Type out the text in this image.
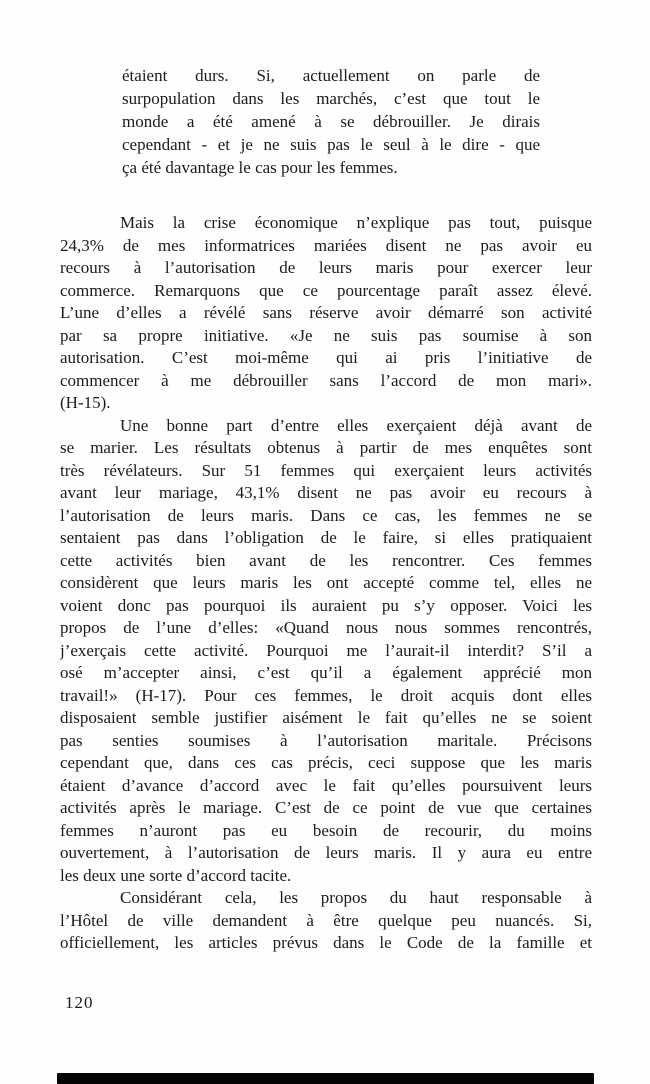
étaient durs. Si, actuellement on parle de
surpopulation dans les marchés, c’est que tout le
monde a été amené à se débrouiller. Je dirais
cependant - et je ne suis pas le seul à le dire - que
ça été davantage le cas pour les femmes.
Mais la crise économique n’explique pas tout, puisque
24,3% de mes informatrices mariées disent ne pas avoir eu
recours à l’autorisation de leurs maris pour exercer leur
commerce. Remarquons que ce pourcentage paraît assez élevé.
L’une d’elles a révélé sans réserve avoir démarré son activité
par sa propre initiative. «Je ne suis pas soumise à son
autorisation. C’est moi-même qui ai pris l’initiative de
commencer à me débrouiller sans l’accord de mon mari».
(H-15).
Une bonne part d’entre elles exerçaient déjà avant de
se marier. Les résultats obtenus à partir de mes enquêtes sont
très révélateurs. Sur 51 femmes qui exerçaient leurs activités
avant leur mariage, 43,1% disent ne pas avoir eu recours à
l’autorisation de leurs maris. Dans ce cas, les femmes ne se
sentaient pas dans l’obligation de le faire, si elles pratiquaient
cette activités bien avant de les rencontrer. Ces femmes
considèrent que leurs maris les ont accepté comme tel, elles ne
voient donc pas pourquoi ils auraient pu s’y opposer. Voici les
propos de l’une d’elles: «Quand nous nous sommes rencontrés,
j’exerçais cette activité. Pourquoi me l’aurait-il interdit? S’il a
osé m’accepter ainsi, c’est qu’il a également apprécié mon
travail!» (H-17). Pour ces femmes, le droit acquis dont elles
disposaient semble justifier aisément le fait qu’elles ne se soient
pas senties soumises à l’autorisation maritale. Précisons
cependant que, dans ces cas précis, ceci suppose que les maris
étaient d’avance d’accord avec le fait qu’elles poursuivent leurs
activités après le mariage. C’est de ce point de vue que certaines
femmes n’auront pas eu besoin de recourir, du moins
ouvertement, à l’autorisation de leurs maris. Il y aura eu entre
les deux une sorte d’accord tacite.
Considérant cela, les propos du haut responsable à
l’Hôtel de ville demandent à être quelque peu nuancés. Si,
officiellement, les articles prévus dans le Code de la famille et
120
